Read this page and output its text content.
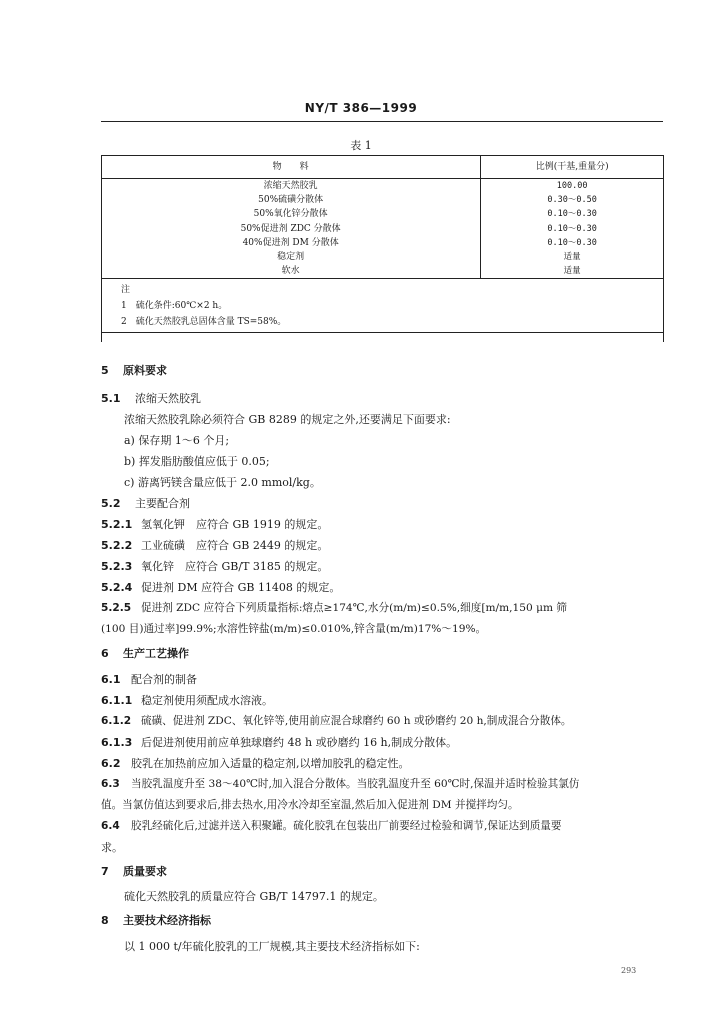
NY/T 386—1999
表 1
物　　料	比例(干基,重量分)
浓缩天然胶乳	100.00
50%硫磺分散体	0.30～0.50
50%氧化锌分散体	0.10～0.30
50%促进剂 ZDC 分散体	0.10～0.30
40%促进剂 DM 分散体	0.10～0.30
稳定剂	适量
软水	适量

注
1　硫化条件:60℃×2 h。
2　硫化天然胶乳总固体含量 TS=58%。	
5 原料要求
5.1 浓缩天然胶乳
浓缩天然胶乳除必须符合 GB 8289 的规定之外,还要满足下面要求:
a) 保存期 1～6 个月;
b) 挥发脂肪酸值应低于 0.05;
c) 游离钙镁含量应低于 2.0 mmol/kg。
5.2 主要配合剂
5.2.1 氢氧化钾　应符合 GB 1919 的规定。
5.2.2 工业硫磺　应符合 GB 2449 的规定。
5.2.3 氧化锌　应符合 GB/T 3185 的规定。
5.2.4 促进剂 DM 应符合 GB 11408 的规定。
5.2.5 促进剂 ZDC 应符合下列质量指标:熔点≥174℃,水分(m/m)≤0.5%,细度[m/m,150 μm 筛
(100 目)通过率]99.9%;水溶性锌盐(m/m)≤0.010%,锌含量(m/m)17%～19%。
6 生产工艺操作
6.1 配合剂的制备
6.1.1 稳定剂使用须配成水溶液。
6.1.2 硫磺、促进剂 ZDC、氧化锌等,使用前应混合球磨约 60 h 或砂磨约 20 h,制成混合分散体。
6.1.3 后促进剂使用前应单独球磨约 48 h 或砂磨约 16 h,制成分散体。
6.2 胶乳在加热前应加入适量的稳定剂,以增加胶乳的稳定性。
6.3 当胶乳温度升至 38～40℃时,加入混合分散体。当胶乳温度升至 60℃时,保温并适时检验其氯仿
值。当氯仿值达到要求后,排去热水,用冷水冷却至室温,然后加入促进剂 DM 并搅拌均匀。
6.4 胶乳经硫化后,过滤并送入积聚罐。硫化胶乳在包装出厂前要经过检验和调节,保证达到质量要
求。
7 质量要求
硫化天然胶乳的质量应符合 GB/T 14797.1 的规定。
8 主要技术经济指标
以 1 000 t/年硫化胶乳的工厂规模,其主要技术经济指标如下:
293
